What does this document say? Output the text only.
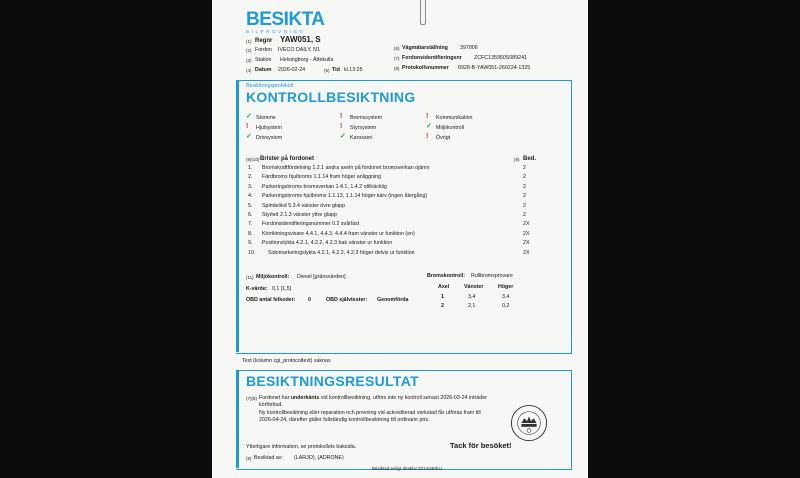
BESIKTA
BILPROVNING
(1) Regnr YAW051, S
(2) Fordon IVECO DAILY, N1
(3) Station Helsingborg - Ättekulla
(4) Datum 2026-02-24	(5) Tid kl.13:25
(6) Vägmätarställning 397006
(7) Fordonsidentifieringsnr ZCFC135950S089241
(8) Protokollsnummer 0928-B-YAW051-260224-1325
Besiktningsprotokoll
KONTROLLBESIKTNING
(9)(10) Brister på fordonet	(9) Bed.
(11) Miljökontroll: Diesel [gränsvärden]
K-värde: 0,1 [1,5]
OBD antal felkoder: 0	OBD självtester: Genomförda
Bromskontroll: Rullbromsprovare
Text (kolumn cgi_protocoltext) saknas
BESIKTNINGSRESULTAT
(7)(8) Fordonet har underkänts vid kontrollbesiktning, utförs inte ny kontroll senast 2026-03-24 inträder
körförbud.
Ny kontrollbesiktning eller reparation och provning vid ackrediterad verkstad får utföras fram till
2026-04-24, därefter gäller fullständig kontrollbesiktning till ordinarie pris.
Ytterligare information, se protokollets baksida.	Tack för besöket!
(9) Besiktad av: (LARJO), (ADRONE)
Besiktad enligt direktiv 2014/45/EU
✓ Stomme	! Bromssystem	! Kommunikation
! Hjulsystem	! Styrsystem	✓ Miljökontroll
✓ Drivsystem	✓ Karosseri	! Övrigt
1. Bromskraftfördelning 1.2.1 andra axeln på fordonet bromsverkan ojämn	2
2. Färdbroms hjulbroms 1.1.14 fram höger anliggning	2
3. Parkeringsbroms bromsverkan 1.4.1, 1.4.2 otillräcklig	2
4. Parkeringsbroms hjulbroms 1.1.13, 1.1.14 höger kärv (ingen återgång)	2
5. Spindelled 5.3.4 vänster övre glapp	2
6. Styrled 2.1.3 vänster yttre glapp	2
7. Fordonsidentifieringsnummer 0.2 svårläst	2X
8. Körriktningsvisare 4.4.1, 4.4.3, 4.4.4 fram vänster ur funktion (en)	2X
9. Positionslykta 4.2.1, 4.2.2, 4.2.3 bak vänster ur funktion	2X
10. Sidomarkeringslykta 4.2.1, 4.2.2, 4.2.3 höger delvis ur funktion	2X
Axel	Vänster	Höger
1	3,4	3,4
2	2,1	0,2
